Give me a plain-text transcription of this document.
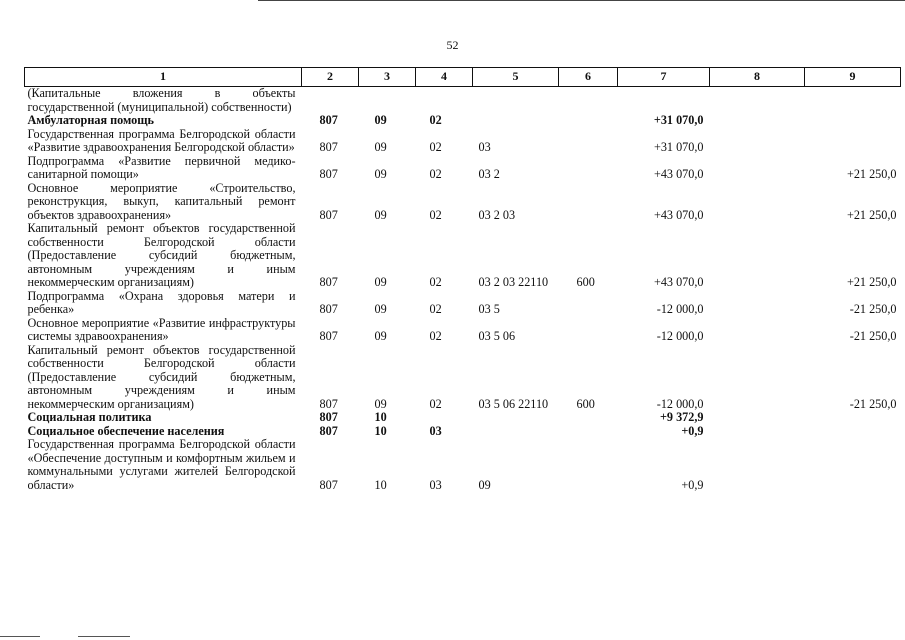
52
1	2	3	4	5	6	7	8	9
(Капитальные вложения в объекты государственной (муниципальной) собственности)								
Амбулаторная помощь	807	09	02			+31 070,0		
Государственная программа Белгородской области «Развитие здравоохранения Белгородской области»	807	09	02	03		+31 070,0		
Подпрограмма «Развитие первичной медико-санитарной помощи»	807	09	02	03 2		+43 070,0		+21 250,0
Основное мероприятие «Строительство, реконструкция, выкуп, капитальный ремонт объектов здравоохранения»	807	09	02	03 2 03		+43 070,0		+21 250,0
Капитальный ремонт объектов государственной собственности Белгородской области (Предоставление субсидий бюджетным, автономным учреждениям и иным некоммерческим организациям)	807	09	02	03 2 03 22110	600	+43 070,0		+21 250,0
Подпрограмма «Охрана здоровья матери и ребенка»	807	09	02	03 5		-12 000,0		-21 250,0
Основное мероприятие «Развитие инфраструктуры системы здравоохранения»	807	09	02	03 5 06		-12 000,0		-21 250,0
Капитальный ремонт объектов государственной собственности Белгородской области (Предоставление субсидий бюджетным, автономным учреждениям и иным некоммерческим организациям)	807	09	02	03 5 06 22110	600	-12 000,0		-21 250,0
Социальная политика	807	10				+9 372,9		
Социальное обеспечение населения	807	10	03			+0,9		
Государственная программа Белгородской области «Обеспечение доступным и комфортным жильем и коммунальными услугами жителей Белгородской области»	807	10	03	09		+0,9		
